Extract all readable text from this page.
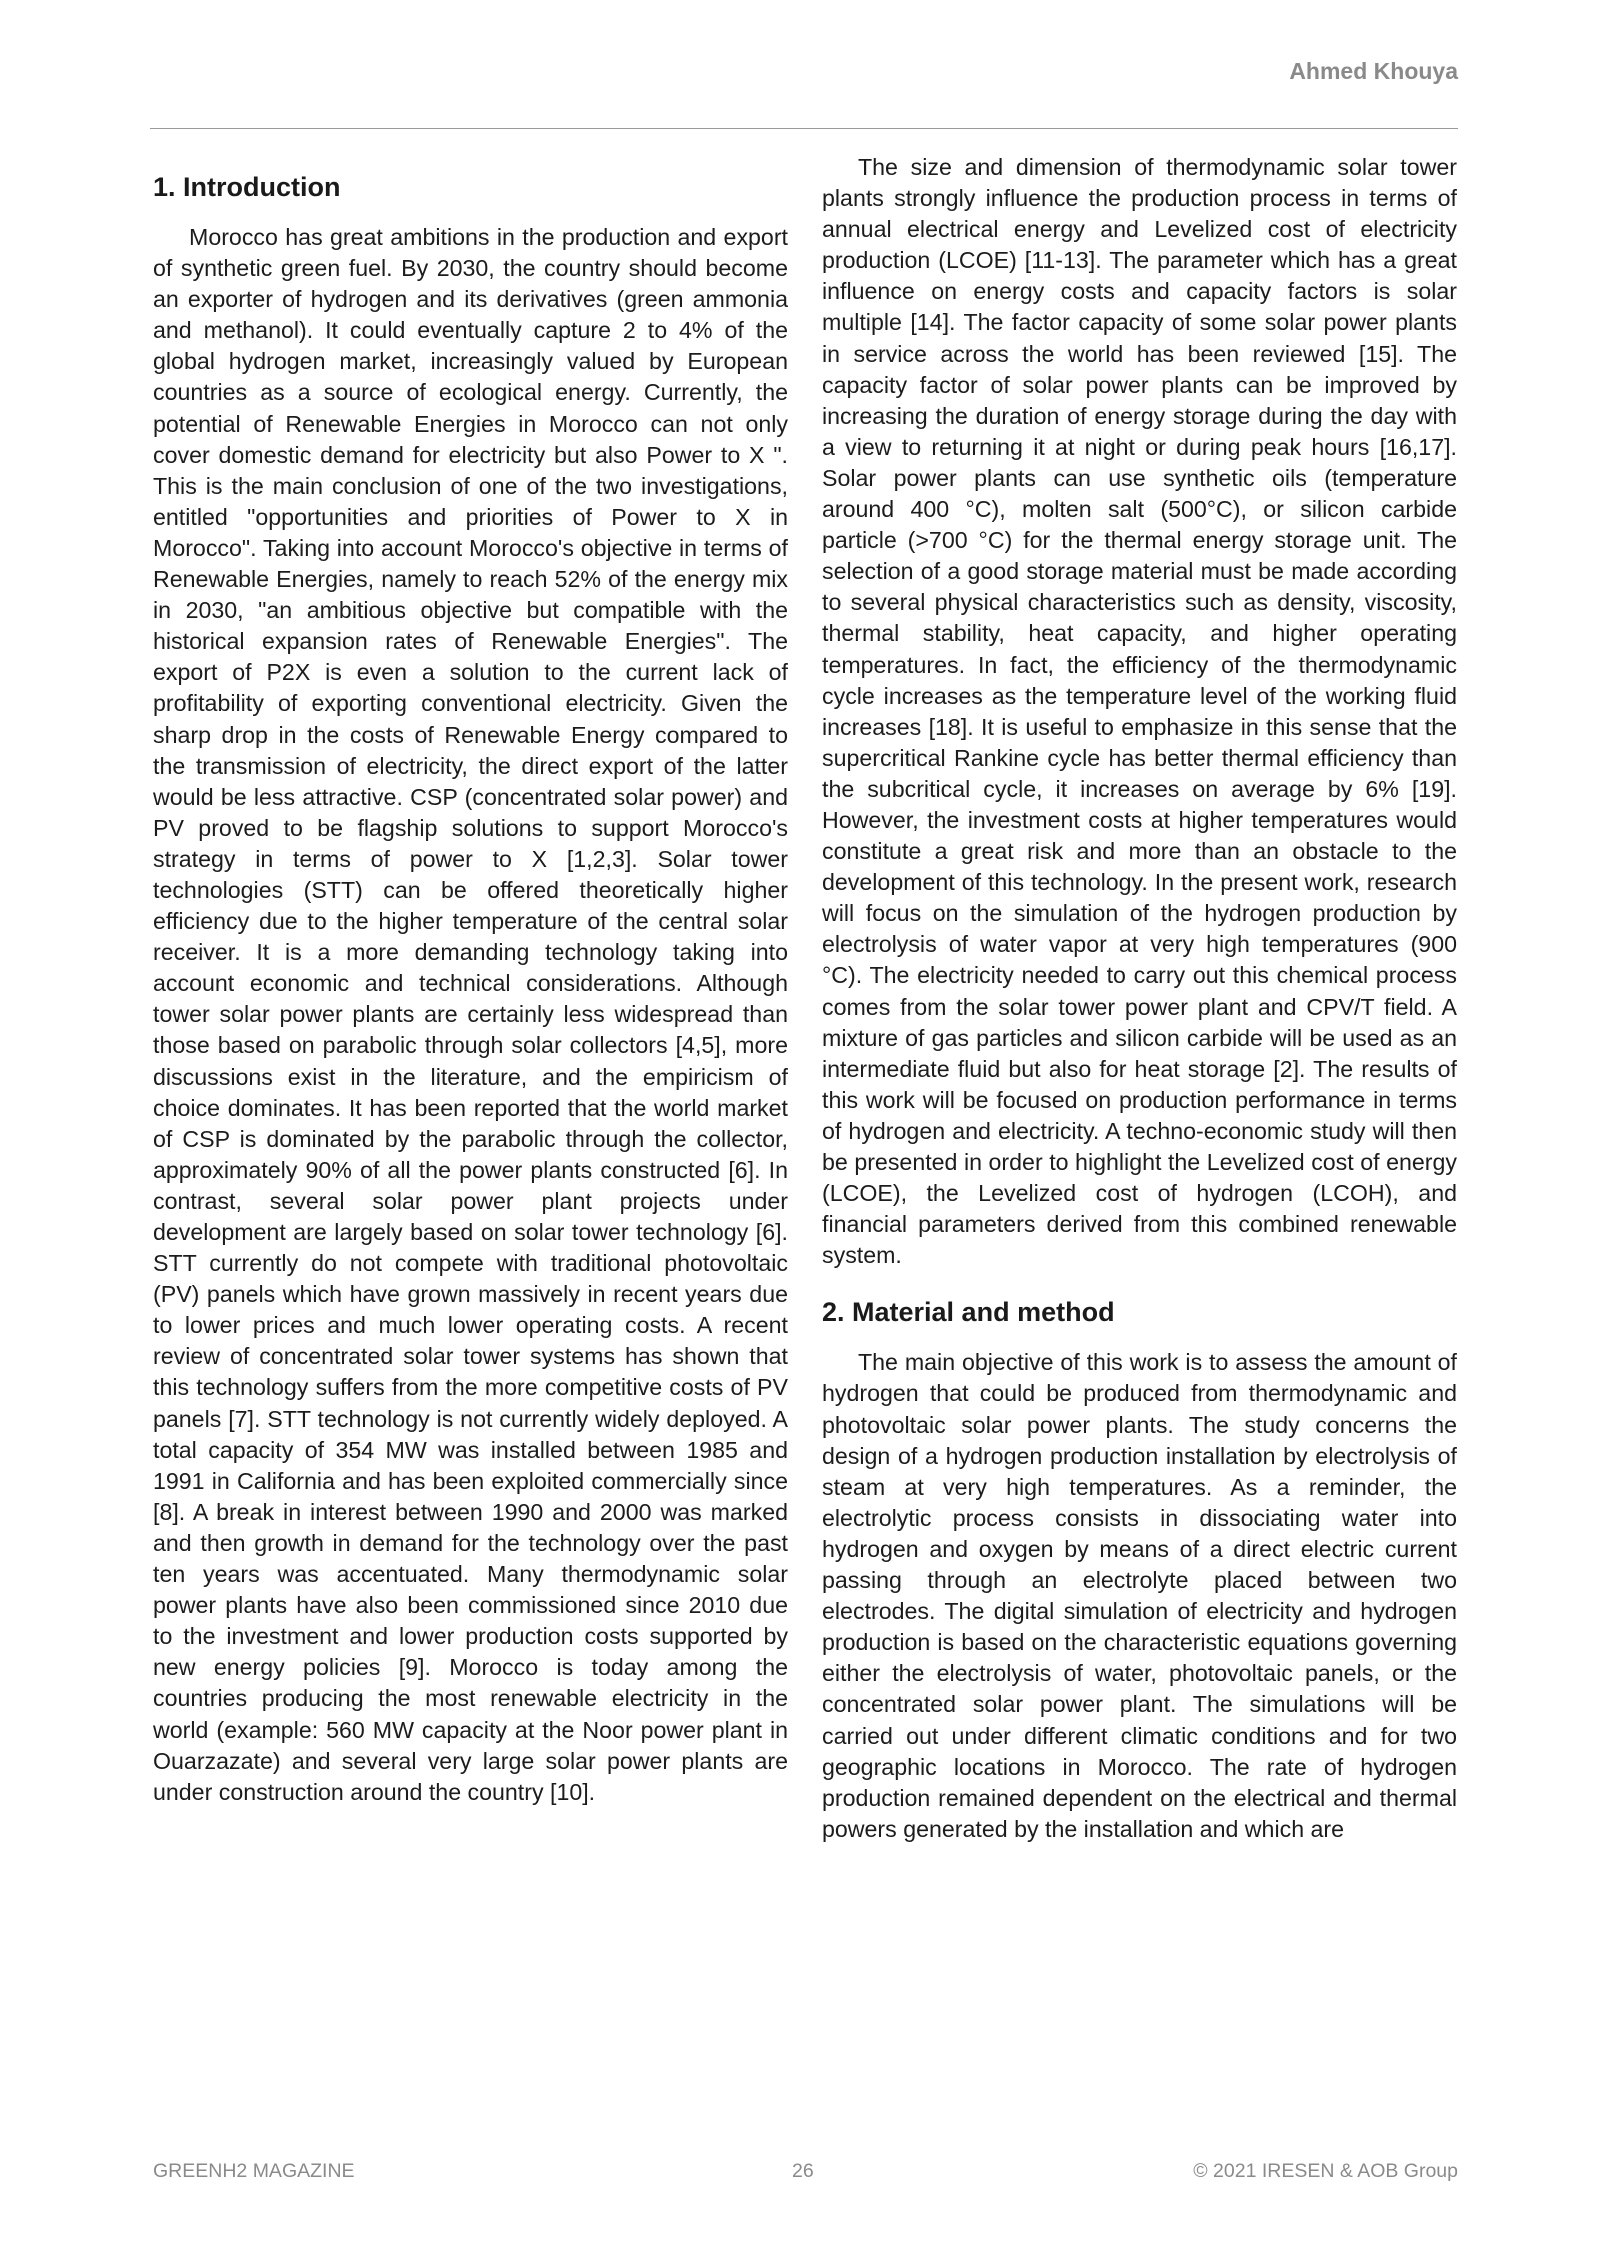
Ahmed Khouya
1. Introduction

Morocco has great ambitions in the production and export of synthetic green fuel. By 2030, the country should become an exporter of hydrogen and its derivatives (green ammonia and methanol). It could eventually capture 2 to 4% of the global hydrogen market, increasingly valued by European countries as a source of ecological energy. Currently, the potential of Renewable Energies in Morocco can not only cover domestic demand for electricity but also Power to X ". This is the main conclusion of one of the two investigations, entitled "opportunities and priorities of Power to X in Morocco". Taking into account Morocco's objective in terms of Renewable Energies, namely to reach 52% of the energy mix in 2030, "an ambitious objective but compatible with the historical expansion rates of Renewable Energies". The export of P2X is even a solution to the current lack of profitability of exporting conventional electricity. Given the sharp drop in the costs of Renewable Energy compared to the transmission of electricity, the direct export of the latter would be less attractive. CSP (concentrated solar power) and PV proved to be flagship solutions to support Morocco's strategy in terms of power to X [1,2,3]. Solar tower technologies (STT) can be offered theoretically higher efficiency due to the higher temperature of the central solar receiver. It is a more demanding technology taking into account economic and technical considerations. Although tower solar power plants are certainly less widespread than those based on parabolic through solar collectors [4,5], more discussions exist in the literature, and the empiricism of choice dominates. It has been reported that the world market of CSP is dominated by the parabolic through the collector, approximately 90% of all the power plants constructed [6]. In contrast, several solar power plant projects under development are largely based on solar tower technology [6]. STT currently do not compete with traditional photovoltaic (PV) panels which have grown massively in recent years due to lower prices and much lower operating costs. A recent review of concentrated solar tower systems has shown that this technology suffers from the more competitive costs of PV panels [7]. STT technology is not currently widely deployed. A total capacity of 354 MW was installed between 1985 and 1991 in California and has been exploited commercially since [8]. A break in interest between 1990 and 2000 was marked and then growth in demand for the technology over the past ten years was accentuated. Many thermodynamic solar power plants have also been commissioned since 2010 due to the investment and lower production costs supported by new energy policies [9]. Morocco is today among the countries producing the most renewable electricity in the world (example: 560 MW capacity at the Noor power plant in Ouarzazate) and several very large solar power plants are under construction around the country [10].

The size and dimension of thermodynamic solar tower plants strongly influence the production process in terms of annual electrical energy and Levelized cost of electricity production (LCOE) [11-13]. The parameter which has a great influence on energy costs and capacity factors is solar multiple [14]. The factor capacity of some solar power plants in service across the world has been reviewed [15]. The capacity factor of solar power plants can be improved by increasing the duration of energy storage during the day with a view to returning it at night or during peak hours [16,17]. Solar power plants can use synthetic oils (temperature around 400 °C), molten salt (500°C), or silicon carbide particle (>700 °C) for the thermal energy storage unit. The selection of a good storage material must be made according to several physical characteristics such as density, viscosity, thermal stability, heat capacity, and higher operating temperatures. In fact, the efficiency of the thermodynamic cycle increases as the temperature level of the working fluid increases [18]. It is useful to emphasize in this sense that the supercritical Rankine cycle has better thermal efficiency than the subcritical cycle, it increases on average by 6% [19]. However, the investment costs at higher temperatures would constitute a great risk and more than an obstacle to the development of this technology. In the present work, research will focus on the simulation of the hydrogen production by electrolysis of water vapor at very high temperatures (900 °C). The electricity needed to carry out this chemical process comes from the solar tower power plant and CPV/T field. A mixture of gas particles and silicon carbide will be used as an intermediate fluid but also for heat storage [2]. The results of this work will be focused on production performance in terms of hydrogen and electricity. A techno-economic study will then be presented in order to highlight the Levelized cost of energy (LCOE), the Levelized cost of hydrogen (LCOH), and financial parameters derived from this combined renewable system.

2. Material and method

The main objective of this work is to assess the amount of hydrogen that could be produced from thermodynamic and photovoltaic solar power plants. The study concerns the design of a hydrogen production installation by electrolysis of steam at very high temperatures. As a reminder, the electrolytic process consists in dissociating water into hydrogen and oxygen by means of a direct electric current passing through an electrolyte placed between two electrodes. The digital simulation of electricity and hydrogen production is based on the characteristic equations governing either the electrolysis of water, photovoltaic panels, or the concentrated solar power plant. The simulations will be carried out under different climatic conditions and for two geographic locations in Morocco. The rate of hydrogen production remained dependent on the electrical and thermal powers generated by the installation and which are

GREENH2 MAGAZINE	26	© 2021 IRESEN & AOB Group
